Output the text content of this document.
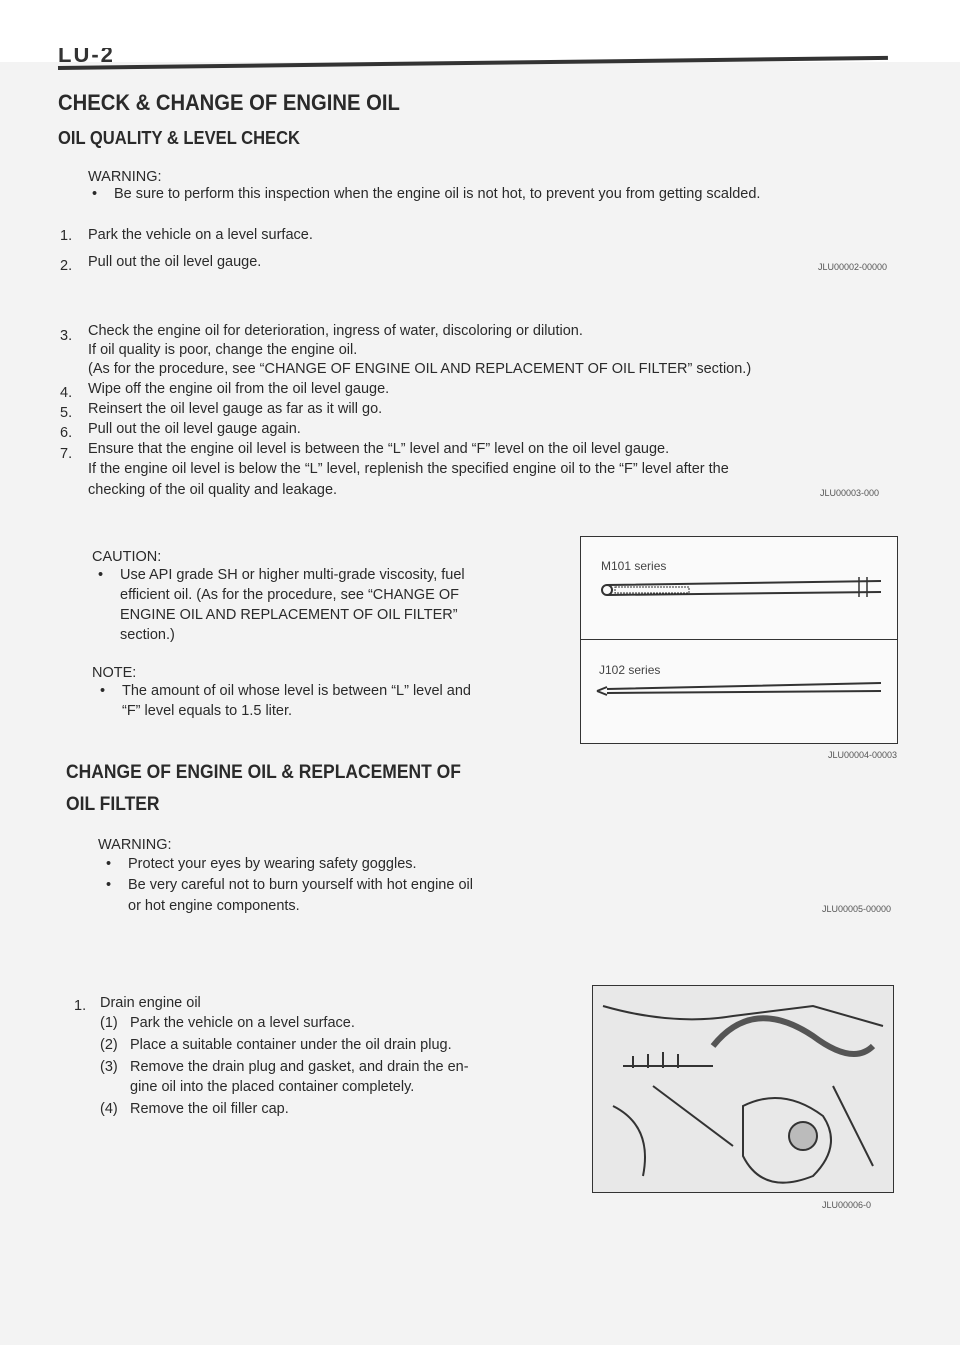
LU-2
CHECK & CHANGE OF ENGINE OIL
OIL QUALITY & LEVEL CHECK
WARNING:
• Be sure to perform this inspection when the engine oil is not hot, to prevent you from getting scalded.
1. Park the vehicle on a level surface.
2. Pull out the oil level gauge.	JLU00002-00000
3. Check the engine oil for deterioration, ingress of water, discoloring or dilution.
If oil quality is poor, change the engine oil.
(As for the procedure, see “CHANGE OF ENGINE OIL AND REPLACEMENT OF OIL FILTER” section.)
4. Wipe off the engine oil from the oil level gauge.
5. Reinsert the oil level gauge as far as it will go.
6. Pull out the oil level gauge again.
7. Ensure that the engine oil level is between the “L” level and “F” level on the oil level gauge.
If the engine oil level is below the “L” level, replenish the specified engine oil to the “F” level after the
checking of the oil quality and leakage.	JLU00003-000
CAUTION:
• Use API grade SH or higher multi-grade viscosity, fuel
efficient oil. (As for the procedure, see “CHANGE OF
ENGINE OIL AND REPLACEMENT OF OIL FILTER”
section.)
NOTE:
• The amount of oil whose level is between “L” level and
“F” level equals to 1.5 liter.
M101 series
J102 series
JLU00004-00003
CHANGE OF ENGINE OIL & REPLACEMENT OF
OIL FILTER
WARNING:
• Protect your eyes by wearing safety goggles.
• Be very careful not to burn yourself with hot engine oil
or hot engine components.	JLU00005-00000
1. Drain engine oil
(1) Park the vehicle on a level surface.
(2) Place a suitable container under the oil drain plug.
(3) Remove the drain plug and gasket, and drain the en-
gine oil into the placed container completely.
(4) Remove the oil filler cap.
JLU00006-0
